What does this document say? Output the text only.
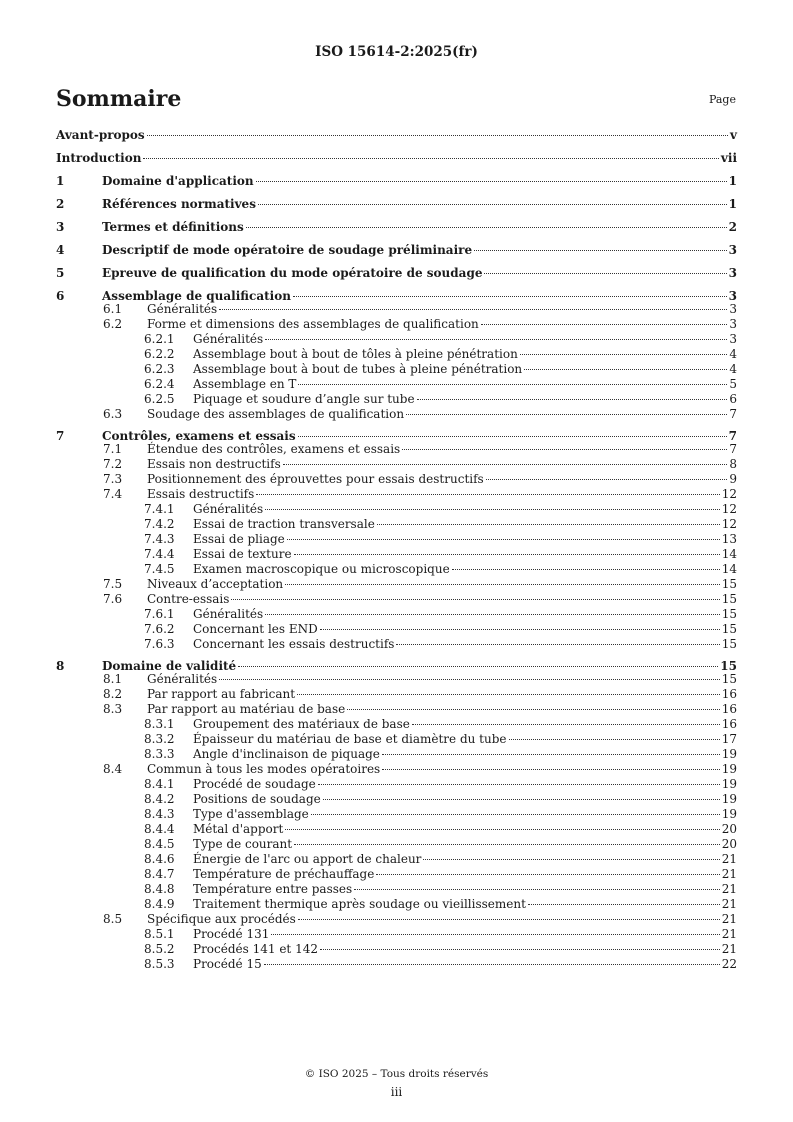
ISO 15614-2:2025(fr)
Sommaire	Page
Avant-propos	v
Introduction	vii
1	Domaine d'application	1
2	Références normatives	1
3	Termes et définitions	2
4	Descriptif de mode opératoire de soudage préliminaire	3
5	Epreuve de qualification du mode opératoire de soudage	3
6	Assemblage de qualification	3
6.1 Généralités	3
6.2 Forme et dimensions des assemblages de qualification	3
6.2.1 Généralités	3
6.2.2 Assemblage bout à bout de tôles à pleine pénétration	4
6.2.3 Assemblage bout à bout de tubes à pleine pénétration	4
6.2.4 Assemblage en T	5
6.2.5 Piquage et soudure d’angle sur tube	6
6.3 Soudage des assemblages de qualification	7
7	Contrôles, examens et essais	7
7.1 Étendue des contrôles, examens et essais	7
7.2 Essais non destructifs	8
7.3 Positionnement des éprouvettes pour essais destructifs	9
7.4 Essais destructifs	12
7.4.1 Généralités	12
7.4.2 Essai de traction transversale	12
7.4.3 Essai de pliage	13
7.4.4 Essai de texture	14
7.4.5 Examen macroscopique ou microscopique	14
7.5 Niveaux d’acceptation	15
7.6 Contre-essais	15
7.6.1 Généralités	15
7.6.2 Concernant les END	15
7.6.3 Concernant les essais destructifs	15
8	Domaine de validité	15
8.1 Généralités	15
8.2 Par rapport au fabricant	16
8.3 Par rapport au matériau de base	16
8.3.1 Groupement des matériaux de base	16
8.3.2 Épaisseur du matériau de base et diamètre du tube	17
8.3.3 Angle d'inclinaison de piquage	19
8.4 Commun à tous les modes opératoires	19
8.4.1 Procédé de soudage	19
8.4.2 Positions de soudage	19
8.4.3 Type d'assemblage	19
8.4.4 Métal d'apport	20
8.4.5 Type de courant	20
8.4.6 Énergie de l'arc ou apport de chaleur	21
8.4.7 Température de préchauffage	21
8.4.8 Température entre passes	21
8.4.9 Traitement thermique après soudage ou vieillissement	21
8.5 Spécifique aux procédés	21
8.5.1 Procédé 131	21
8.5.2 Procédés 141 et 142	21
8.5.3 Procédé 15	22
© ISO 2025 – Tous droits réservés
iii
